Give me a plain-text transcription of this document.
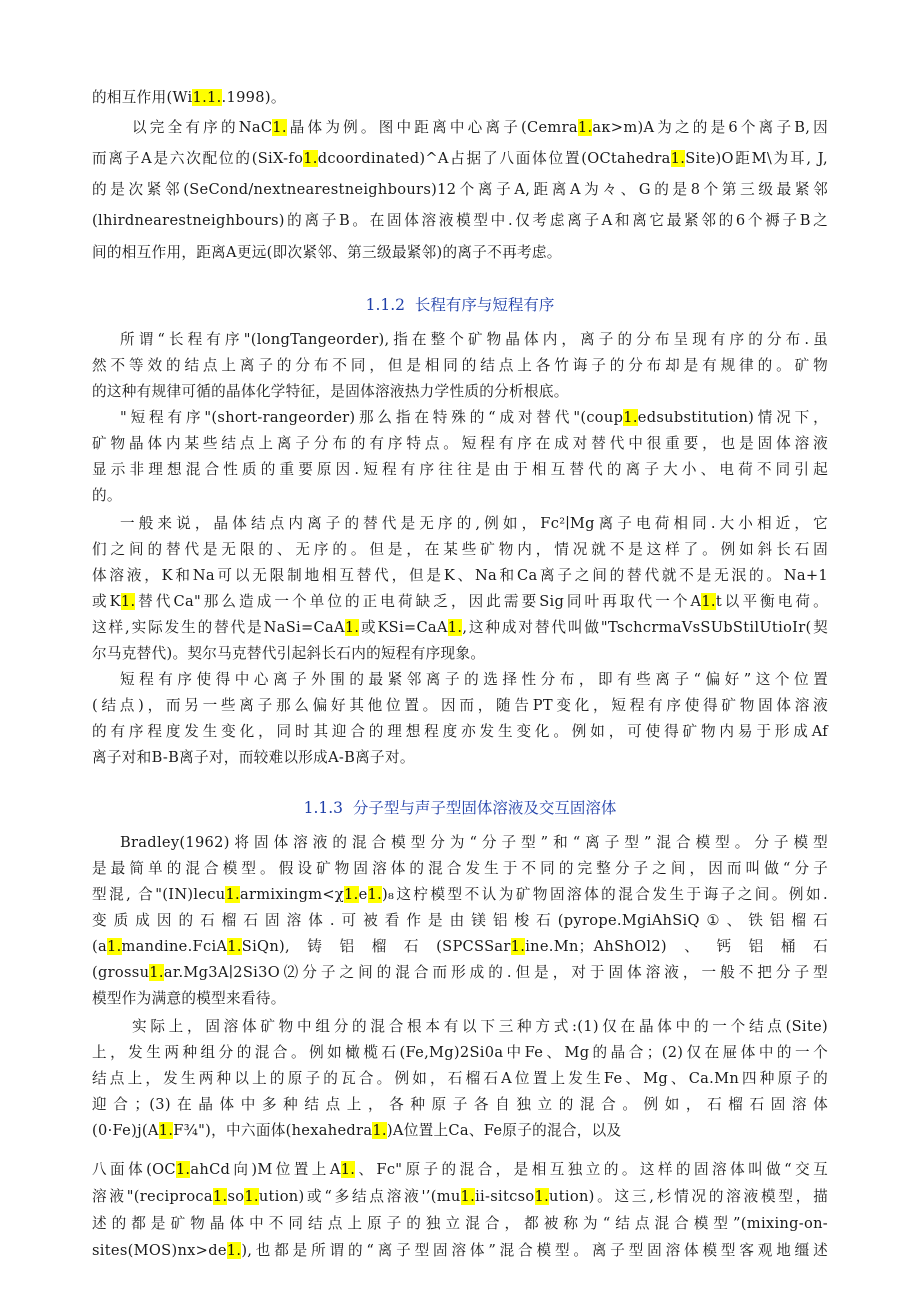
的相互作用(Wi1.1..1998)。
以完全有序的NaC1.晶体为例。图中距离中心离子(Cemra1.aк>m)A为之的是6个离子B,因
而离子A是六次配位的(SiX-fo1.dcoordinated)^A占据了八面体位置(OCtahedra1.Site)O距M\为耳, J,
的是次紧邻(SeCond/nextnearestneighbours)12个离子A,距离A为々、G的是8个第三级最紧邻
(lhirdnearestneighbours)的离子B。在固体溶液模型中.仅考虑离子A和离它最紧邻的6个褥子B之
间的相互作用，距离A更远(即次紧邻、第三级最紧邻)的离子不再考虑。
1.1.2 长程有序与短程有序
所谓“长程有序"(longTangeorder),指在整个矿物晶体内，离子的分布呈现有序的分布.虽
然不等效的结点上离子的分布不同，但是相同的结点上各竹诲子的分布却是有规律的。矿物
的这种有规律可循的晶体化学特征，是固体溶液热力学性质的分析根底。
"短程有序"(short-rangeorder)那么指在特殊的“成对替代"(coup1.edsubstitution)情况下，
矿物晶体内某些结点上离子分布的有序特点。短程有序在成对替代中很重要，也是固体溶液
显示非理想混合性质的重要原因.短程有序往往是由于相互替代的离子大小、电荷不同引起
的。
一般来说，晶体结点内离子的替代是无序的,例如，Fc²∣Mg离子电荷相同.大小相近，它
们之间的替代是无限的、无序的。但是，在某些矿物内，情况就不是这样了。例如斜长石固
体溶液，K和Na可以无限制地相互替代，但是K、Na和Ca离子之间的替代就不是无泯的。Na+1
或K1.替代Ca"那么造成一个单位的正电荷缺乏，因此需要Sig同叶再取代一个A1.t以平衡电荷。
这样,实际发生的替代是NaSi=CaA1.或KSi=CaA1.,这种成对替代叫做"TschcrmaVsSUbStilUtioIr(契
尔马克替代)。契尔马克替代引起斜长石内的短程有序现象。
短程有序使得中心离子外围的最紧邻离子的选择性分布，即有些离子“偏好”这个位置
(结点)，而另一些离子那么偏好其他位置。因而，随告PT变化，短程有序使得矿物固体溶液
的有序程度发生变化，同时其迎合的理想程度亦发生变化。例如，可使得矿物内易于形成Af
离子对和B-B离子对，而较难以形成A-B离子对。
1.1.3 分子型与声子型固体溶液及交互固溶体
Bradley(1962)将固体溶液的混合模型分为“分子型”和“离子型”混合模型。分子模型
是最简单的混合模型。假设矿物固溶体的混合发生于不同的完整分子之间，因而叫做“分子
型混, 合"(IN)lecu1.armixingm<χ1.e1.)₈这柠模型不认为矿物固溶体的混合发生于诲子之间。例如.
变质成因的石榴石固溶体.可被看作是由镁铝梭石(pyrope.MgiAhSiQ①、铁铝榴石
(a1.mandine.FciA1.SiQn),铸铝榴石(SPCSSar1.ine.Mn；AhShOl2)、钙铝桶石
(grossu1.ar.Mg3A∣2Si3O⑵分子之间的混合而形成的.但是，对于固体溶液，一般不把分子型
模型作为满意的模型来看待。
实际上，固溶体矿物中组分的混合根本有以下三种方式:(1)仅在晶体中的一个结点(Site)
上，发生两种组分的混合。例如橄榄石(Fe,Mg)2Si0a中Fe、Mg的晶合；(2)仅在屉体中的一个
结点上，发生两种以上的原子的瓦合。例如，石榴石A位置上发生Fe、Mg、Ca.Mn四种原子的
迎合；(3)在晶体中多种结点上，各种原子各自独立的混合。例如，石榴石固溶体
(0·Fe)j(A1.F¾")，中六面体(hexahedra1.)A位置上Ca、Fe原子的混合，以及
八面体(OC1.ahCd向)M位置上A1.、Fc"原子的混合，是相互独立的。这样的固溶体叫做“交互
溶液"(reciproca1.so1.ution)或“多结点溶液'’(mu1.ii-sitcso1.ution)。这三,杉情况的溶液模型，描
述的都是矿物晶体中不同结点上原子的独立混合，都被称为“结点混合模型”(mixing-on-
sites(MOS)nx>de1.),也都是所谓的“离子型固溶体”混合模型。离子型固溶体模型客观地缰述
